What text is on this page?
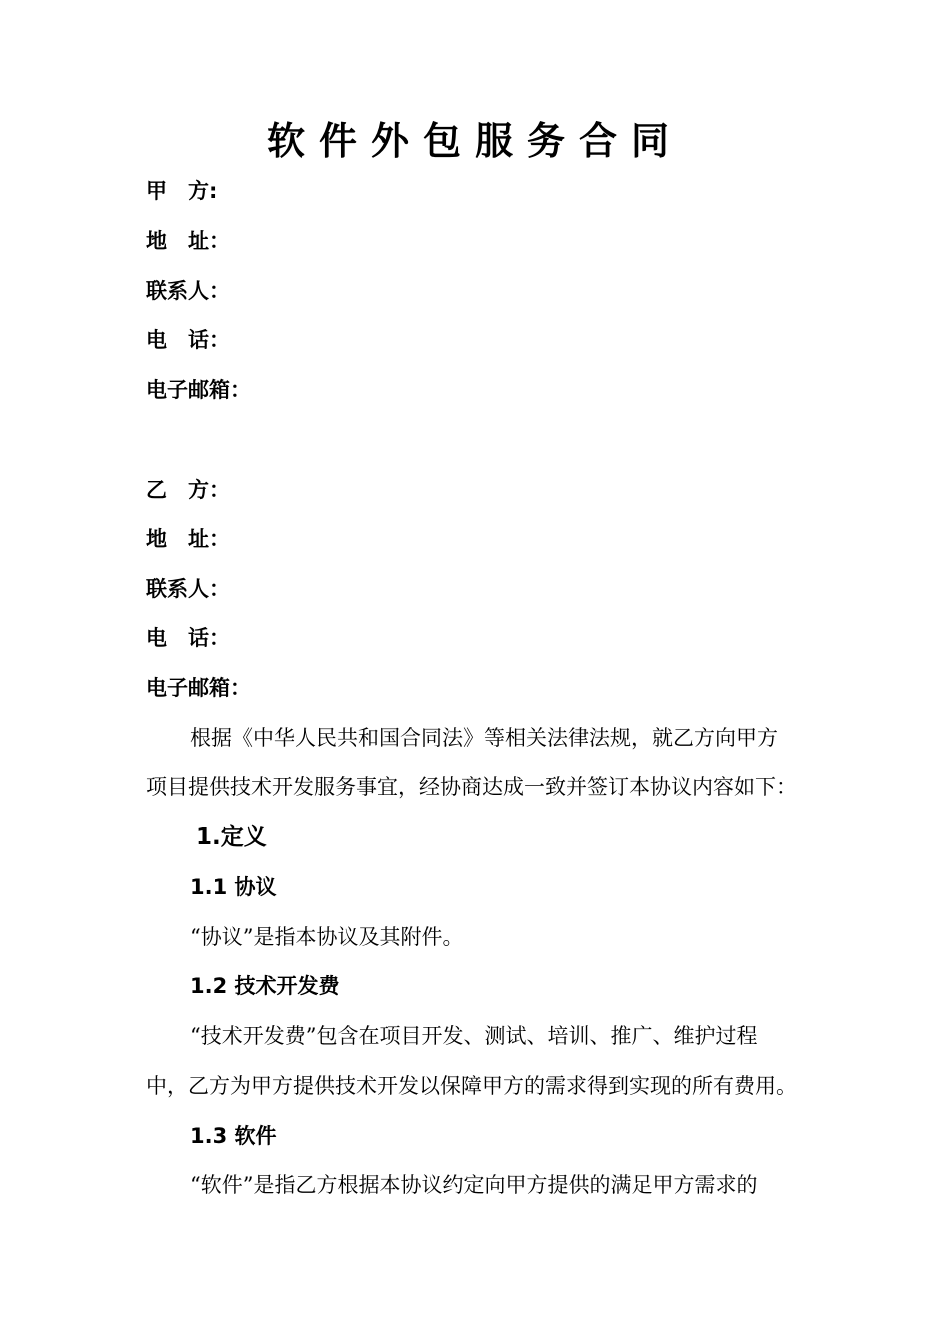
软件外包服务合同
甲　方:
地　址：
联系人：
电　话：
电子邮箱：
乙　方：
地　址：
联系人：
电　话：
电子邮箱：
根据《中华人民共和国合同法》等相关法律法规，就乙方向甲方
项目提供技术开发服务事宜，经协商达成一致并签订本协议内容如下：
1.定义
1.1 协议
“协议”是指本协议及其附件。
1.2 技术开发费
“技术开发费”包含在项目开发、测试、培训、推广、维护过程
中，乙方为甲方提供技术开发以保障甲方的需求得到实现的所有费用。
1.3 软件
“软件”是指乙方根据本协议约定向甲方提供的满足甲方需求的
